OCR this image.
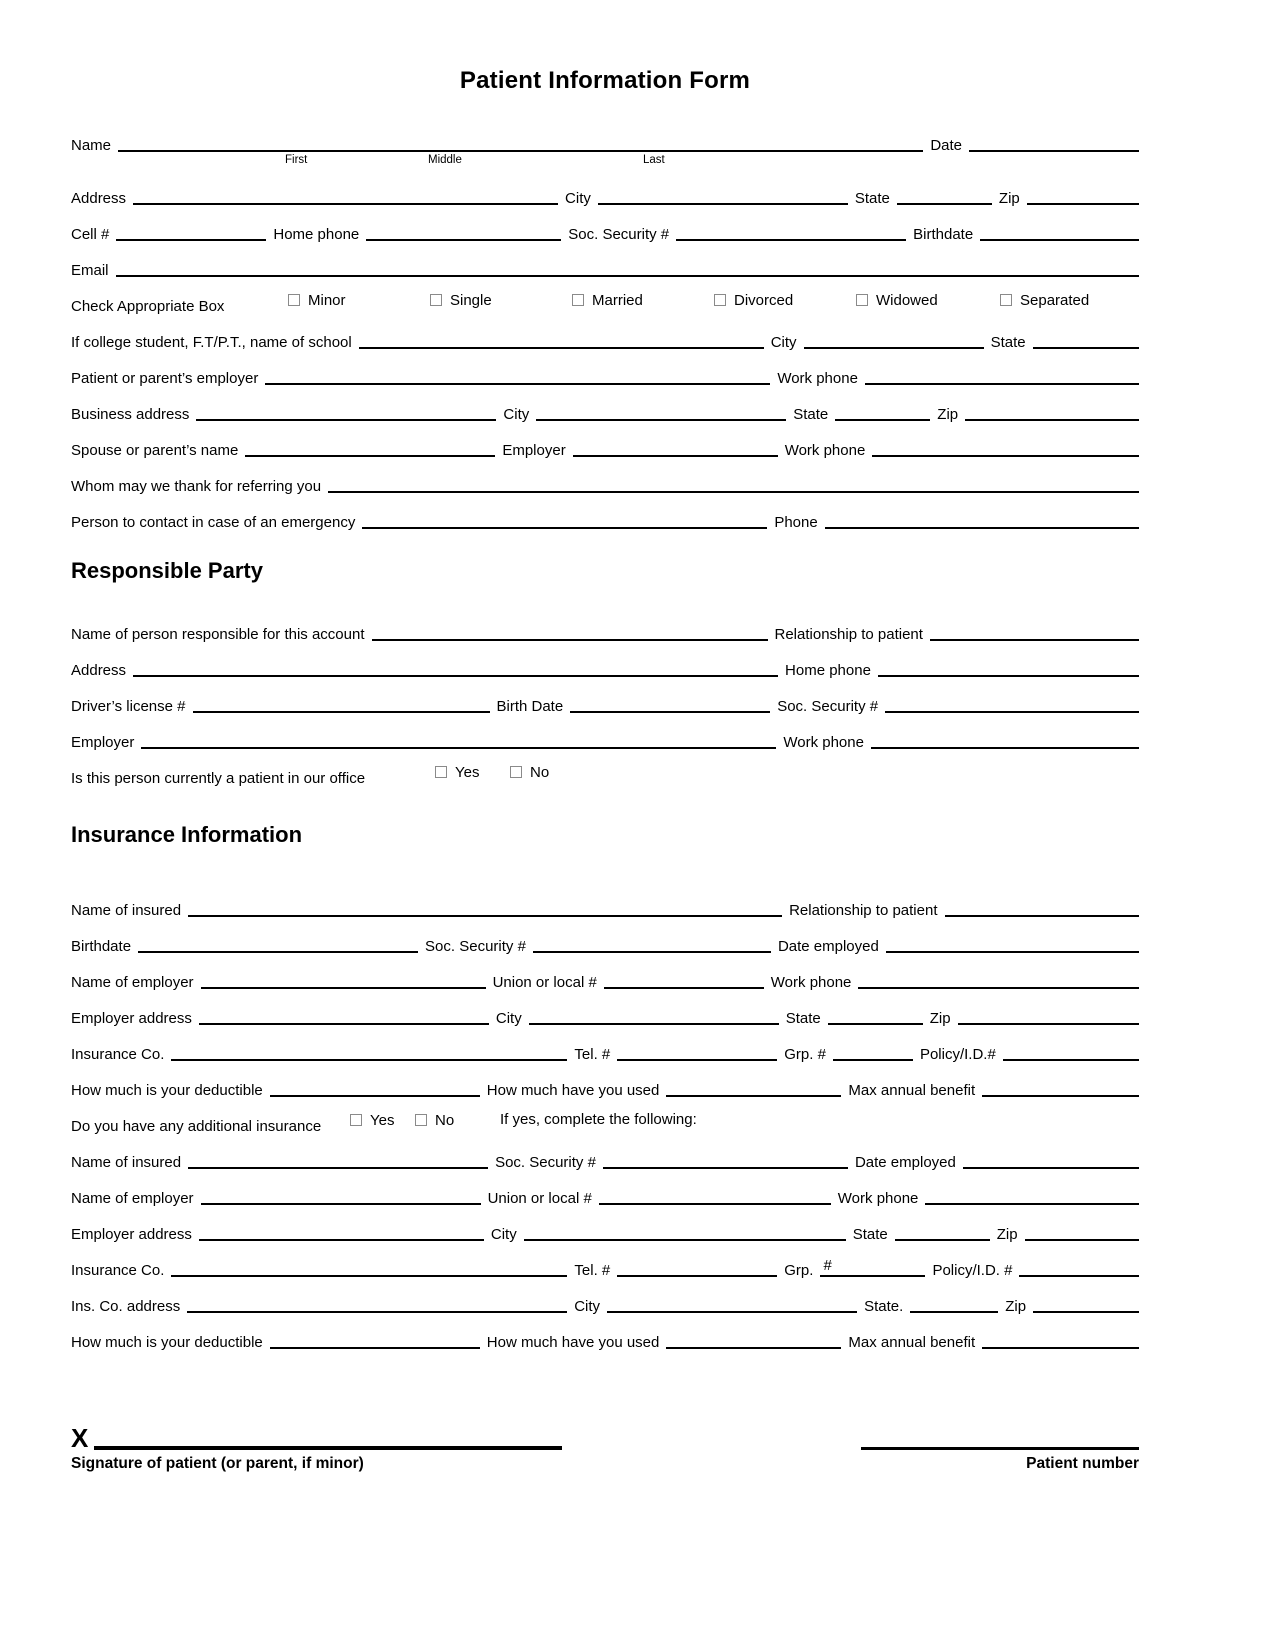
Patient Information Form
Name	Date
First	Middle	Last
Address	City	State	Zip
Cell #	Home phone	Soc. Security #	Birthdate
Email
Check Appropriate Box	Minor	Single	Married	Divorced	Widowed	Separated
If college student, F.T/P.T., name of school	City	State
Patient or parent’s employer	Work phone
Business address	City	State	Zip
Spouse or parent’s name	Employer	Work phone
Whom may we thank for referring you
Person to contact in case of an emergency	Phone
Responsible Party
Name of person responsible for this account	Relationship to patient
Address	Home phone
Driver’s license #	Birth Date	Soc. Security #
Employer	Work phone
Is this person currently a patient in our office	Yes	No
Insurance Information
Name of insured	Relationship to patient
Birthdate	Soc. Security #	Date employed
Name of employer	Union or local #	Work phone
Employer address	City	State	Zip
Insurance Co.	Tel. #	Grp. #	Policy/I.D.#
How much is your deductible	How much have you used	Max annual benefit
Do you have any additional insurance	Yes	No	If yes, complete the following:
Name of insured	Soc. Security #	Date employed
Name of employer	Union or local #	Work phone
Employer address	City	State	Zip
Insurance Co.	Tel. #	Grp. #	Policy/I.D. #
Ins. Co. address	City	State.	Zip
How much is your deductible	How much have you used	Max annual benefit
X
Signature of patient (or parent, if minor)	Patient number
